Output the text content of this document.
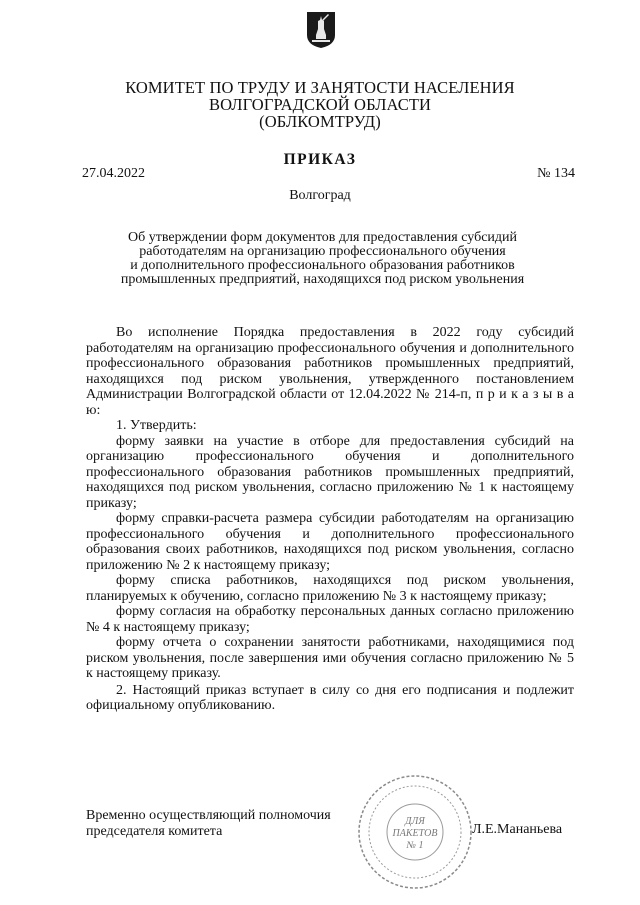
КОМИТЕТ ПО ТРУДУ И ЗАНЯТОСТИ НАСЕЛЕНИЯ
ВОЛГОГРАДСКОЙ ОБЛАСТИ
(ОБЛКОМТРУД)
ПРИКАЗ
27.04.2022	№ 134
Волгоград
Об утверждении форм документов для предоставления субсидий
работодателям на организацию профессионального обучения
и дополнительного профессионального образования работников
промышленных предприятий, находящихся под риском увольнения

Во исполнение Порядка предоставления в 2022 году субсидий работодателям на организацию профессионального обучения и дополнительного профессионального образования работников промышленных предприятий, находящихся под риском увольнения, утвержденного постановлением Администрации Волгоградской области от 12.04.2022 № 214-п, п р и к а з ы в а ю:

1. Утвердить:

форму заявки на участие в отборе для предоставления субсидий на организацию профессионального обучения и дополнительного профессионального образования работников промышленных предприятий, находящихся под риском увольнения, согласно приложению № 1 к настоящему приказу;

форму справки-расчета размера субсидии работодателям на организацию профессионального обучения и дополнительного профессионального образования своих работников, находящихся под риском увольнения, согласно приложению № 2 к настоящему приказу;

форму списка работников, находящихся под риском увольнения, планируемых к обучению, согласно приложению № 3 к настоящему приказу;

форму согласия на обработку персональных данных согласно приложению № 4 к настоящему приказу;

форму отчета о сохранении занятости работниками, находящимися под риском увольнения, после завершения ими обучения согласно приложению № 5 к настоящему приказу.

2. Настоящий приказ вступает в силу со дня его подписания и подлежит официальному опубликованию.

Временно осуществляющий полномочия
председателя комитета
ДЛЯ
ПАКЕТОВ
№ 1
Л.Е.Мананьева
